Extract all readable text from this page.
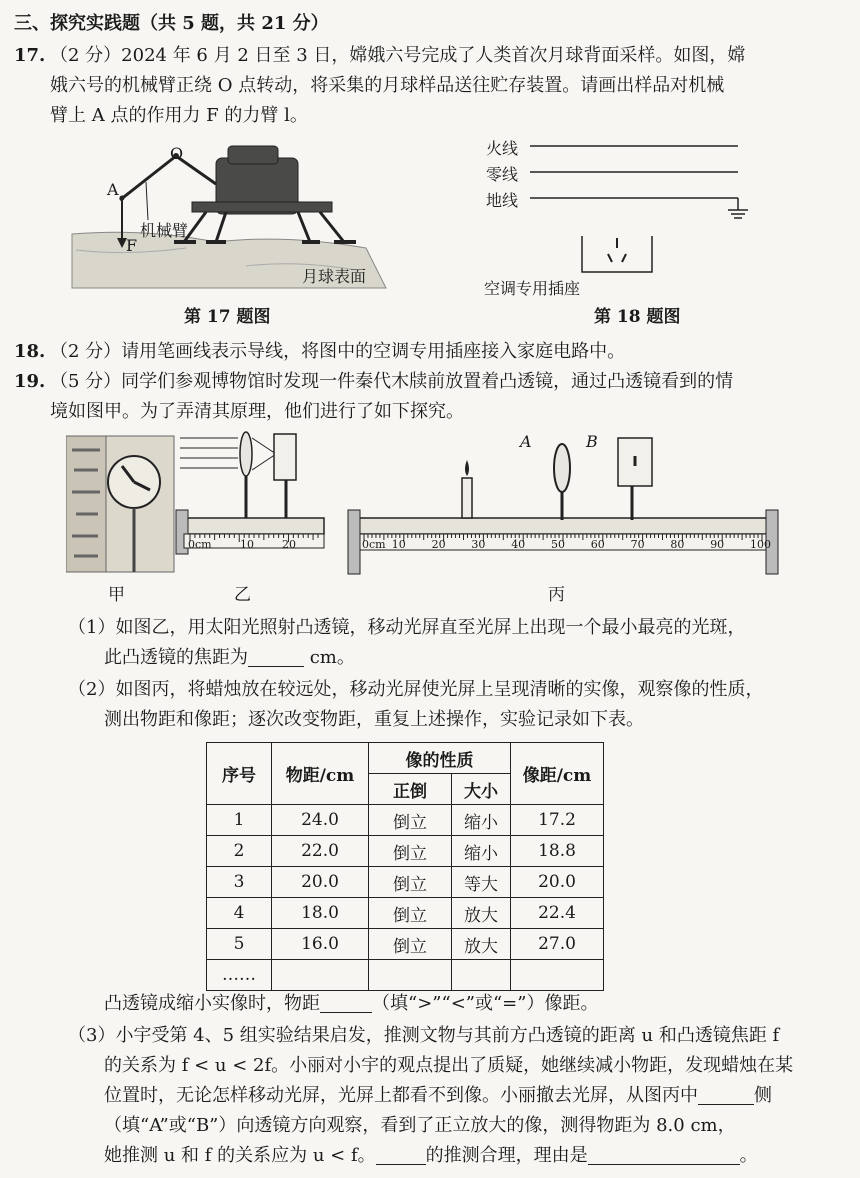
三、探究实践题（共 5 题，共 21 分）
17. （2 分）2024 年 6 月 2 日至 3 日，嫦娥六号完成了人类首次月球背面采样。如图，嫦
娥六号的机械臂正绕 O 点转动，将采集的月球样品送往贮存装置。请画出样品对机械
臂上 A 点的作用力 F 的力臂 l。
O
A
F
机械臂
月球表面
第 17 题图
火线
零线
地线
空调专用插座
第 18 题图
18. （2 分）请用笔画线表示导线，将图中的空调专用插座接入家庭电路中。
19. （5 分）同学们参观博物馆时发现一件秦代木牍前放置着凸透镜，通过凸透镜看到的情
境如图甲。为了弄清其原理，他们进行了如下探究。
0cm	10	20	0cm 10 20 30 40 50 60 70 80 90 100
A	B
甲	乙	丙
（1）如图乙，用太阳光照射凸透镜，移动光屏直至光屏上出现一个最小最亮的光斑，
此凸透镜的焦距为	cm。
（2）如图丙，将蜡烛放在较远处，移动光屏使光屏上呈现清晰的实像，观察像的性质，
测出物距和像距；逐次改变物距，重复上述操作，实验记录如下表。
序号	物距/cm	像的性质		像距/cm
		正倒	大小	
1	24.0	倒立	缩小	17.2
2	22.0	倒立	缩小	18.8
3	20.0	倒立	等大	20.0
4	18.0	倒立	放大	22.4
5	16.0	倒立	放大	27.0
……				
凸透镜成缩小实像时，物距	（填“>”“<”或“=”）像距。
（3）小宇受第 4、5 组实验结果启发，推测文物与其前方凸透镜的距离 u 和凸透镜焦距 f
的关系为 f < u < 2f。小丽对小宇的观点提出了质疑，她继续减小物距，发现蜡烛在某
位置时，无论怎样移动光屏，光屏上都看不到像。小丽撤去光屏，从图丙中	侧
（填“A”或“B”）向透镜方向观察，看到了正立放大的像，测得物距为 8.0 cm，
她推测 u 和 f 的关系应为 u < f。	的推测合理，理由是	。
